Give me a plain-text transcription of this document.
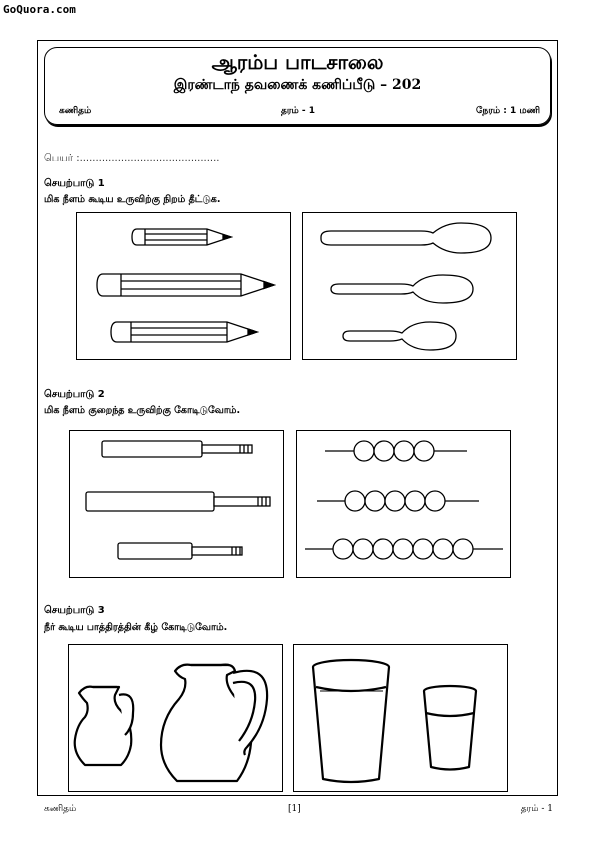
GoQuora.com
ஆரம்ப பாடசாலை
இரண்டாந் தவணைக் கணிப்பீடு – 202
கணிதம்	தரம் - 1	நேரம் : 1 மணி
பெயர் :............................................
செயற்பாடு 1
மிக நீளம் கூடிய உருவிற்கு நிறம் தீட்டுக.
செயற்பாடு 2
மிக நீளம் குறைந்த உருவிற்கு கோடிடுவோம்.
செயற்பாடு 3
நீர் கூடிய பாத்திரத்தின் கீழ் கோடிடுவோம்.
கணிதம்	[1]	தரம் - 1
